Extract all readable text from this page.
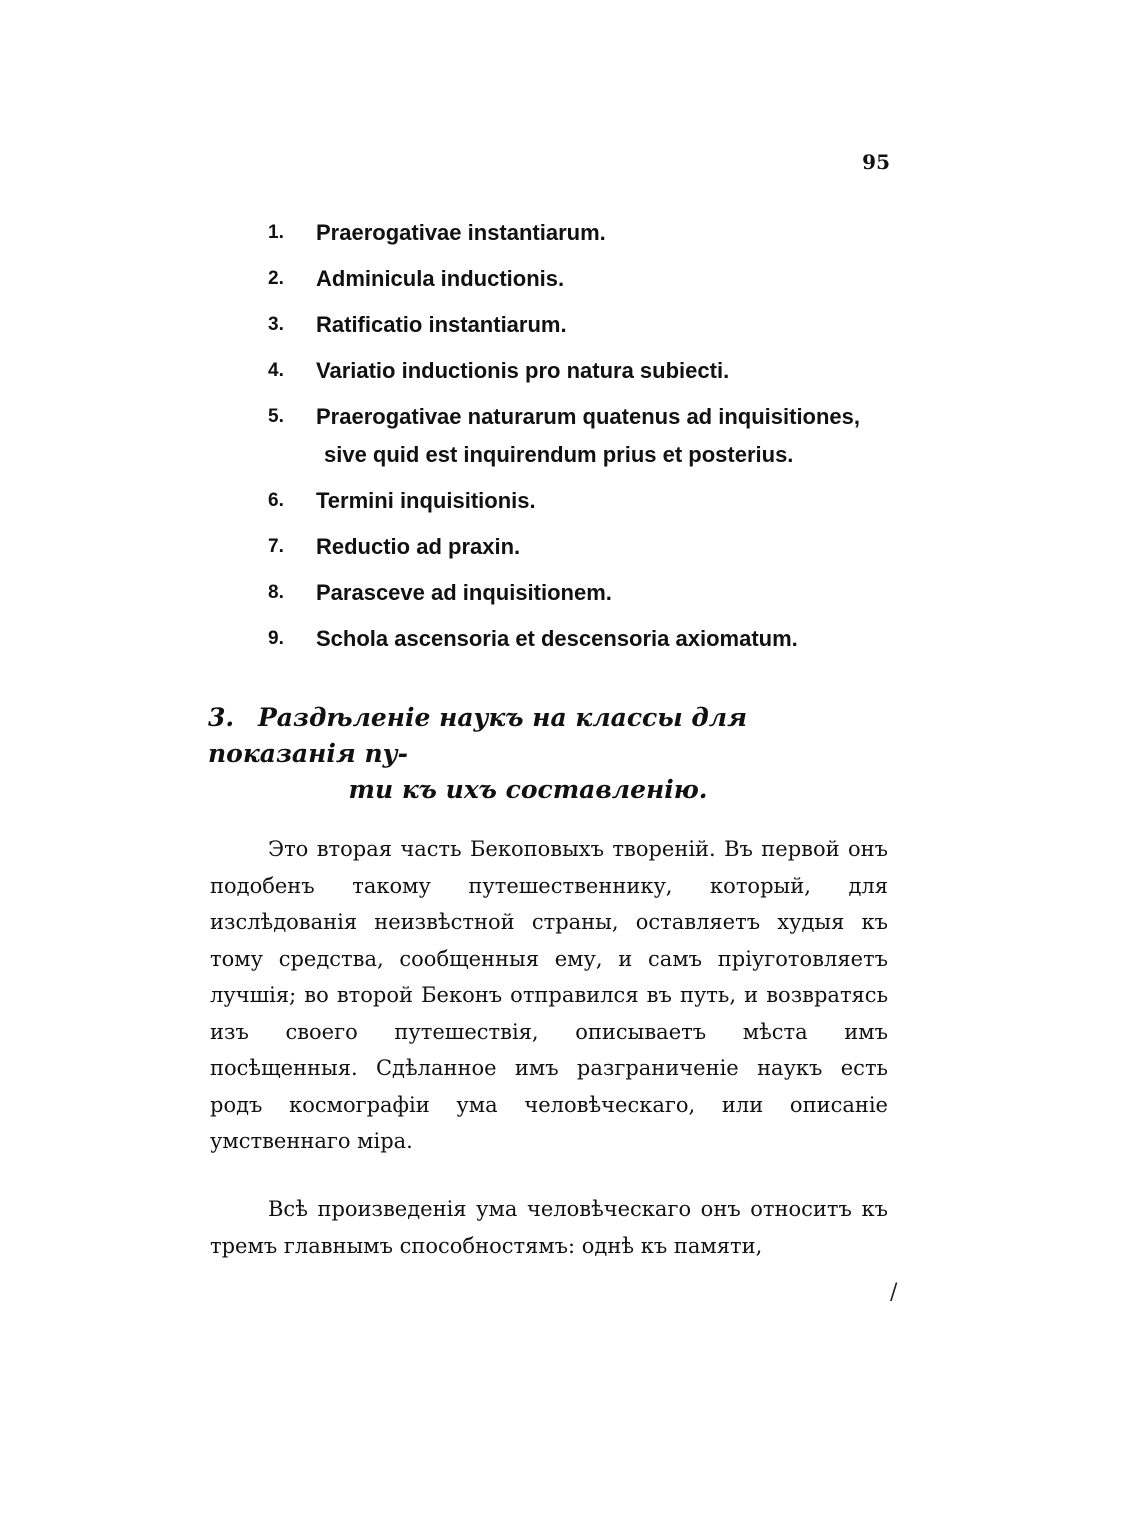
95
1. Praerogativae instantiarum.
2. Adminicula inductionis.
3. Ratificatio instantiarum.
4. Variatio inductionis pro natura subiecti.
5. Praerogativae naturarum quatenus ad inquisitiones,
sive quid est inquirendum prius et posterius.
6. Termini inquisitionis.
7. Reductio ad praxin.
8. Parasceve ad inquisitionem.
9. Schola ascensoria et descensoria axiomatum.
3. Раздѣленіе наукъ на классы для показанія пу-
ти къ ихъ составленію.

Это вторая часть Бекоповыхъ твореній. Въ первой онъ подобенъ такому путешественнику, который, для изслѣдованія неизвѣстной страны, оставляетъ худыя къ тому средства, сообщенныя ему, и самъ пріуготовляетъ лучшія; во второй Беконъ отправился въ путь, и возвратясь изъ своего путешествія, описываетъ мѣста имъ посѣщенныя. Сдѣланное имъ разграниченіе наукъ есть родъ космографіи ума человѣческаго, или описаніе умственнаго міра.

Всѣ произведенія ума человѣческаго онъ относитъ къ тремъ главнымъ способностямъ: однѣ къ памяти,

/
